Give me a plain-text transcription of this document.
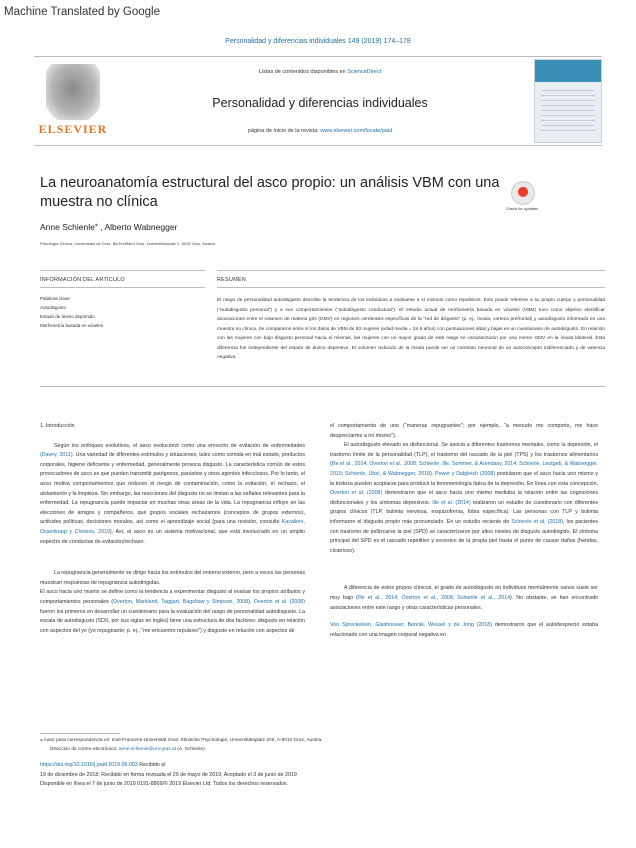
Machine Translated by Google
Personalidad y diferencias individuales 149 (2019) 174–178
ELSEVIER
Listas de contenidos disponibles en ScienceDirect
Personalidad y diferencias individuales
página de inicio de la revista: www.elsevier.com/locate/paid
La neuroanatomía estructural del asco propio: un análisis VBM con una muestra no clínica	Check for updates
Anne Schienle⁎ , Alberto Wabnegger
Psicología Clínica, Universidad de Graz, BioTechMed Graz, Universitätsplatz 2, 8010 Graz, Austria
INFORMACIÓN DEL ARTÍCULO	RESUMEN
Palabras clave:
Autodisgusto
Estado de ánimo deprimido
Morfometría basada en vóxeles
El rasgo de personalidad autodisgusto describe la tendencia de los individuos a evaluarse a sí mismos como repulsivos. Esto puede referirse a su propio cuerpo y personalidad ("autodisgusto personal") y a sus comportamientos ("autodisgusto conductual"). El estudio actual de morfometría basada en vóxeles (VBM) tuvo como objetivo identificar asociaciones entre el volumen de materia gris (GMV) en regiones cerebrales específicas de la "red de disgusto" (p. ej., ínsula, corteza prefrontal) y autodisgusto informado en una muestra no clínica. Se compararon entre sí los datos de VBM de 53 mujeres (edad media = 24,6 años) con puntuaciones altas y bajas en un cuestionario de autodisgusto. En relación con las mujeres con bajo disgusto personal hacia sí mismas, las mujeres con un mayor grado de este rasgo se caracterizaron por una menor GMV en la ínsula bilateral. Esta diferencia fue independiente del estado de ánimo depresivo. El volumen reducido de la ínsula puede ser un correlato neuronal de un autoconcepto indiferenciado y de valencia negativa.

1. Introducción

Según los enfoques evolutivos, el asco evolucionó como una emoción de evitación de enfermedades (Davey, 2011). Una variedad de diferentes estímulos y situaciones, tales como comida en mal estado, productos corporales, higiene deficiente y enfermedad, generalmente provoca disgusto. La característica común de estos provocadores de asco es que pueden transmitir patógenos, parásitos y otros agentes infecciosos. Por lo tanto, el asco motiva comportamientos que reducen el riesgo de contaminación, como la evitación, el rechazo, el aislamiento y la limpieza. Sin embargo, las reacciones del disgusto no se limitan a las señales relevantes para la enfermedad. La repugnancia puede impactar en muchas otras áreas de la vida. La repugnancia influye en las elecciones de amigos y compañeros, qué grupos sociales rechazamos (conceptos de grupos externos), actitudes políticas, decisiones morales, así como el aprendizaje social (para una revisión, consulte Kavaliers, Ossenkopp y Choleris, 2019). Así, el asco es un sistema motivacional, que está involucrado en un amplio espectro de conductas de evitación/rechazo.

La repugnancia generalmente se dirige hacia los estímulos del entorno externo, pero a veces las personas muestran respuestas de repugnancia autodirigidas.

El asco hacia uno mismo se define como la tendencia a experimentar disgusto al evaluar los propios atributos y comportamientos personales (Overton, Markland, Taggart, Bagshaw y Simpson, 2008). Overton et al. (2008) fueron los primeros en desarrollar un cuestionario para la evaluación del rasgo de personalidad autodisgusto. La escala de autodisgusto (SDS, por sus siglas en inglés) tiene una estructura de dos factores: disgusto en relación con aspectos del yo (yo repugnante; p. ej., "me encuentro repulsivo") y disgusto en relación con aspectos de

el comportamiento de uno ("maneras repugnantes"; por ejemplo, "a menudo me comporto, me hace desprecíarme a mí mismo").

El autodisgusto elevado es disfuncional. Se asocia a diferentes trastornos mentales, como la depresión, el trastorno límite de la personalidad (TLP), el trastorno del rascado de la piel (TPS) y los trastornos alimentarios (Ille et al., 2014; Overton et al., 2008; Schienle, Ille, Sommer, & Arendasy, 2014; Schienle, Leutgeb, & Wabnegger, 2015; Schienle, Übel, & Wabnegger, 2018). Power y Dalgleish (2008) postularon que el asco hacia uno mismo y la tristeza pueden acoplarse para producir la fenomenología típica de la depresión. En línea con esta concepción, Overton et al. (2008) demostraron que el asco hacia uno mismo mediaba la relación entre las cogniciones disfuncionales y los síntomas depresivos. Ille et al. (2014) realizaron un estudio de cuestionario con diferentes grupos clínicos (TLP, bulimia nerviosa, esquizofrenia, fobia específica). Las personas con TLP y bulimia informaron el disgusto propio más pronunciado. En un estudio reciente de Schienle et al. (2018), los pacientes con trastorno de pellizcarse la piel (SPD) se caracterizaron por altos niveles de disgusto autodirigido. El síntoma principal del SPD es el rascado repetitivo y excesivo de la propia piel hasta el punto de causar daños (heridas, cicatrices).

A diferencia de estos grupos clínicos, el grado de autodisgusto en individuos mentalmente sanos suele ser muy bajo (Ille et al., 2014; Overton et al., 2008; Schienle et al., 2014). No obstante, se han encontrado asociaciones entre este rasgo y otras características personales.

Von Spreckelsen, Glashouwer, Bennik, Wessel y de Jong (2018) demostraron que el autodesprecio estaba relacionado con una imagen corporal negativa en

⁎ Autor para correspondencia en: Karl-Franzens-Universität Graz, Klinische Psychologie, Universitätsplatz 2/III, A-8010 Graz, Austria.
Dirección de correo electrónico: anne.schienle@uni-graz.at (A. Schienle).
https://doi.org/10.1016/j.paid.2019.06.003 Recibido el
19 de diciembre de 2018; Recibido en forma revisada el 29 de mayo de 2019; Aceptado el 3 de junio de 2019
Disponible en línea el 7 de junio de 2019 0191-8869/© 2019 Elsevier Ltd. Todos los derechos reservados.
